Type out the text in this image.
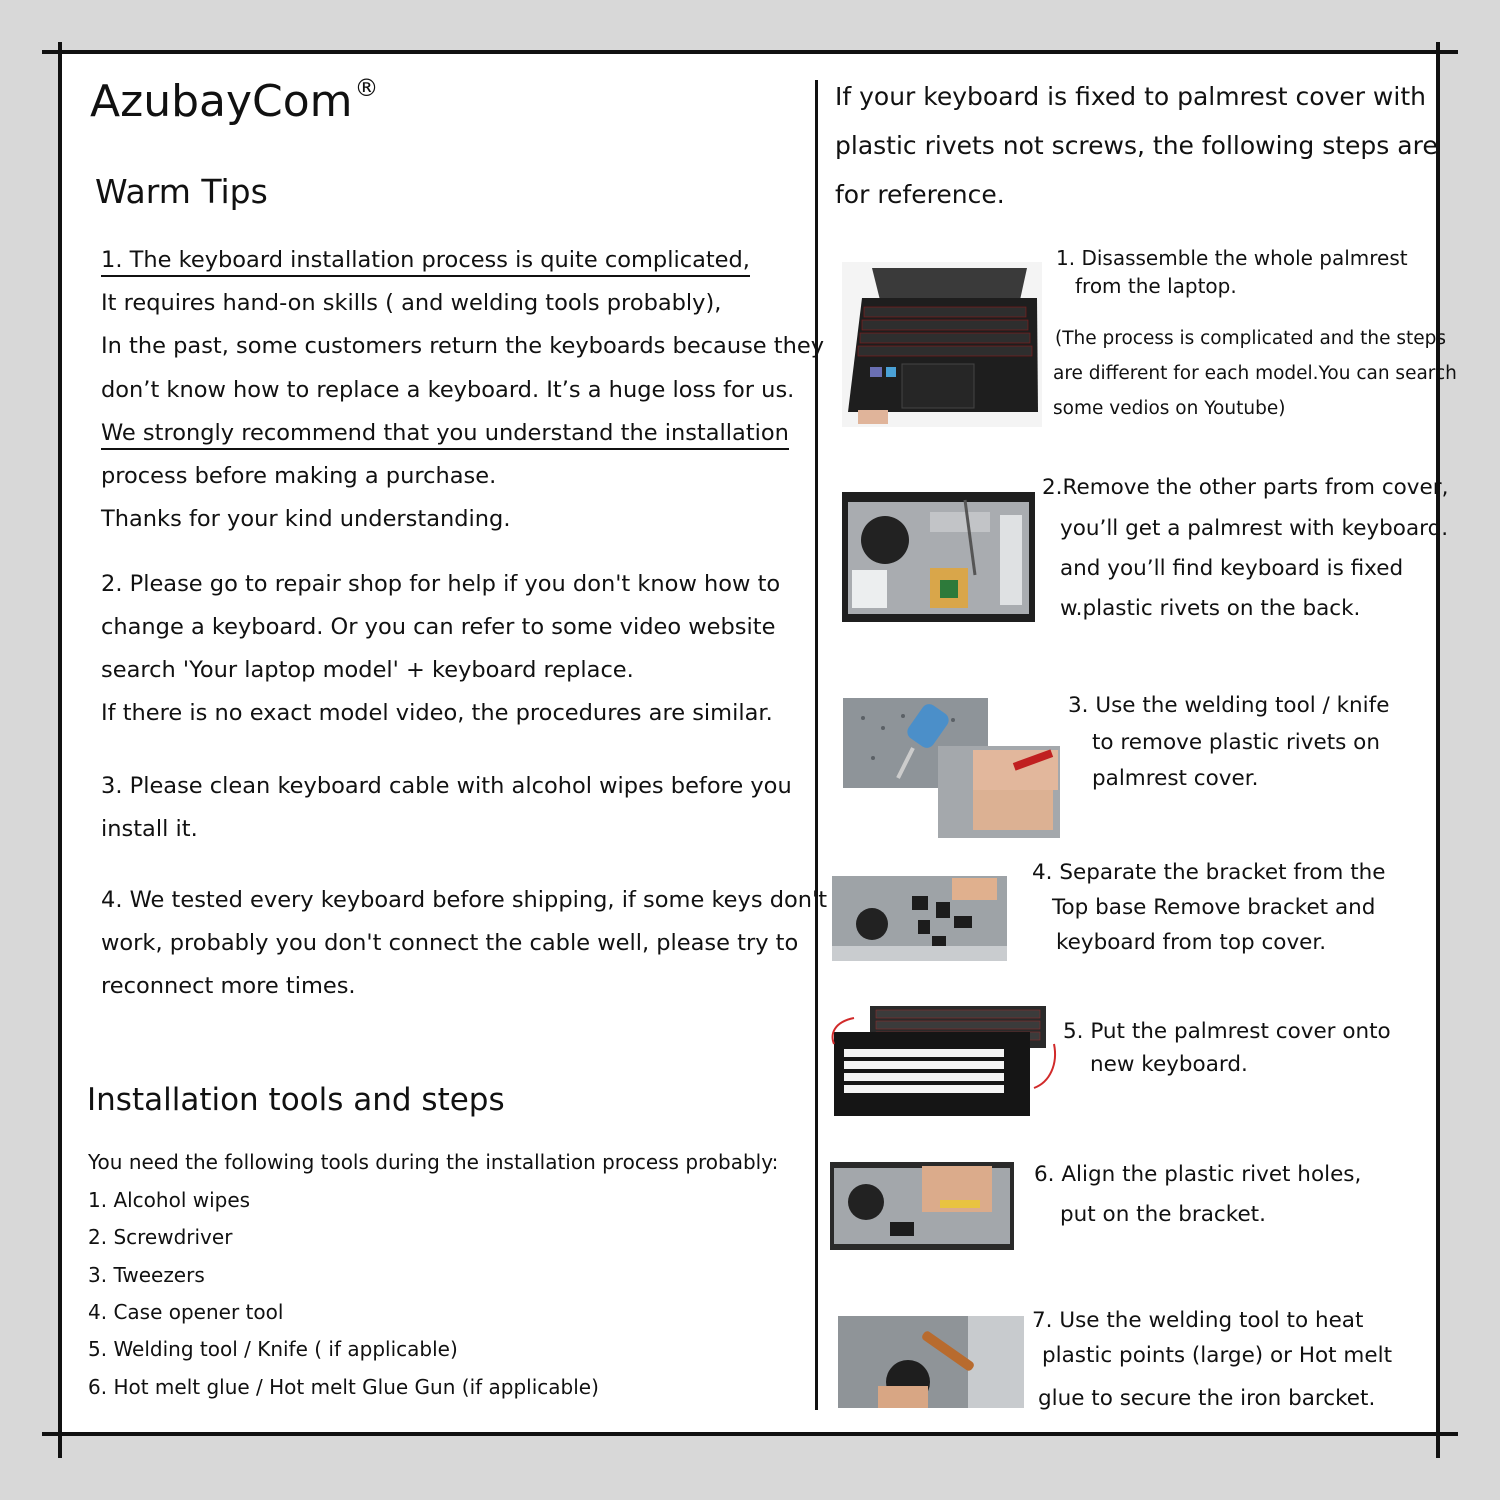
AzubayCom®
Warm Tips
1. The keyboard installation process is quite complicated,
It requires hand-on skills ( and welding tools probably),
In the past, some customers return the keyboards because they
don’t know how to replace a keyboard. It’s a huge loss for us.
We strongly recommend that you understand the installation
process before making a purchase.
Thanks for your kind understanding.
2. Please go to repair shop for help if you don't know how to
change a keyboard. Or you can refer to some video website
search 'Your laptop model' + keyboard replace.
If there is no exact model video, the procedures are similar.
3. Please clean keyboard cable with alcohol wipes before you
install it.
4. We tested every keyboard before shipping, if some keys don't
work, probably you don't connect the cable well, please try to
reconnect more times.
Installation tools and steps
You need the following tools during the installation process probably:
1. Alcohol wipes
2. Screwdriver
3. Tweezers
4. Case opener tool
5. Welding tool / Knife ( if applicable)
6. Hot melt glue / Hot melt Glue Gun (if applicable)
If your keyboard is fixed to palmrest cover with
plastic rivets not screws, the following steps are
for reference.
1. Disassemble the whole palmrest
from the laptop.
(The process is complicated and the steps
are different for each model.You can search
some vedios on Youtube)
2.Remove the other parts from cover,
you’ll get a palmrest with keyboard.
and you’ll find keyboard is fixed
w.plastic rivets on the back.
3. Use the welding tool / knife
to remove plastic rivets on
palmrest cover.
4. Separate the bracket from the
Top base Remove bracket and
keyboard from top cover.
5. Put the palmrest cover onto
new keyboard.
6. Align the plastic rivet holes,
put on the bracket.
7. Use the welding tool to heat
plastic points (large) or Hot melt
glue to secure the iron barcket.
